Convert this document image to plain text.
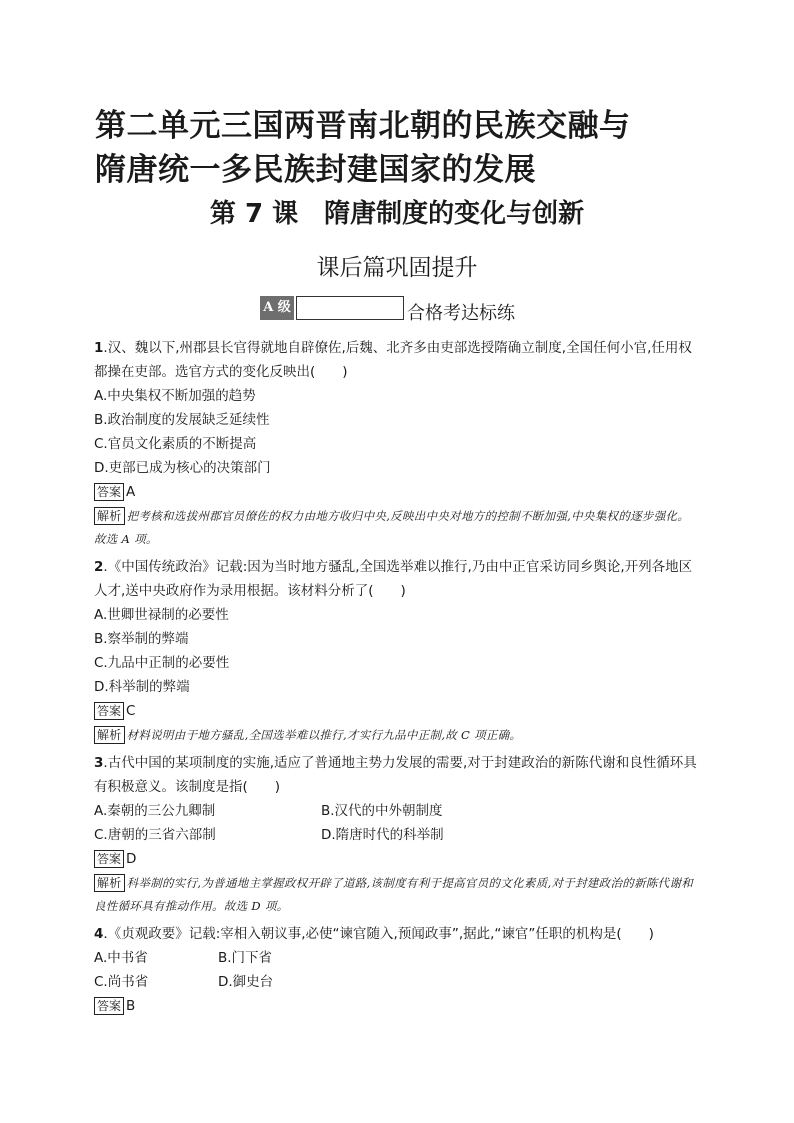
第二单元三国两晋南北朝的民族交融与
隋唐统一多民族封建国家的发展
第 7 课 隋唐制度的变化与创新
课后篇巩固提升
A 级	合格考达标练

1.汉、魏以下,州郡县长官得就地自辟僚佐,后魏、北齐多由吏部选授隋确立制度,全国任何小官,任用权都操在吏部。选官方式的变化反映出(　　)

A.中央集权不断加强的趋势

B.政治制度的发展缺乏延续性

C.官员文化素质的不断提高

D.吏部已成为核心的决策部门

答案 A
解析 把考核和选拔州郡官员僚佐的权力由地方收归中央,反映出中央对地方的控制不断加强,中央集权的逐步强化。故选 A 项。

2.《中国传统政治》记载:因为当时地方骚乱,全国选举难以推行,乃由中正官采访同乡舆论,开列各地区人才,送中央政府作为录用根据。该材料分析了(　　)

A.世卿世禄制的必要性

B.察举制的弊端

C.九品中正制的必要性

D.科举制的弊端

答案 C
解析 材料说明由于地方骚乱,全国选举难以推行,才实行九品中正制,故 C 项正确。

3.古代中国的某项制度的实施,适应了普通地主势力发展的需要,对于封建政治的新陈代谢和良性循环具有积极意义。该制度是指(　　)

A.秦朝的三公九卿制	B.汉代的中外朝制度
C.唐朝的三省六部制	D.隋唐时代的科举制
答案 D
解析 科举制的实行,为普通地主掌握政权开辟了道路,该制度有利于提高官员的文化素质,对于封建政治的新陈代谢和良性循环具有推动作用。故选 D 项。

4.《贞观政要》记载:宰相入朝议事,必使“谏官随入,预闻政事”,据此,“谏官”任职的机构是(　　)

A.中书省	B.门下省
C.尚书省	D.御史台
答案 B
